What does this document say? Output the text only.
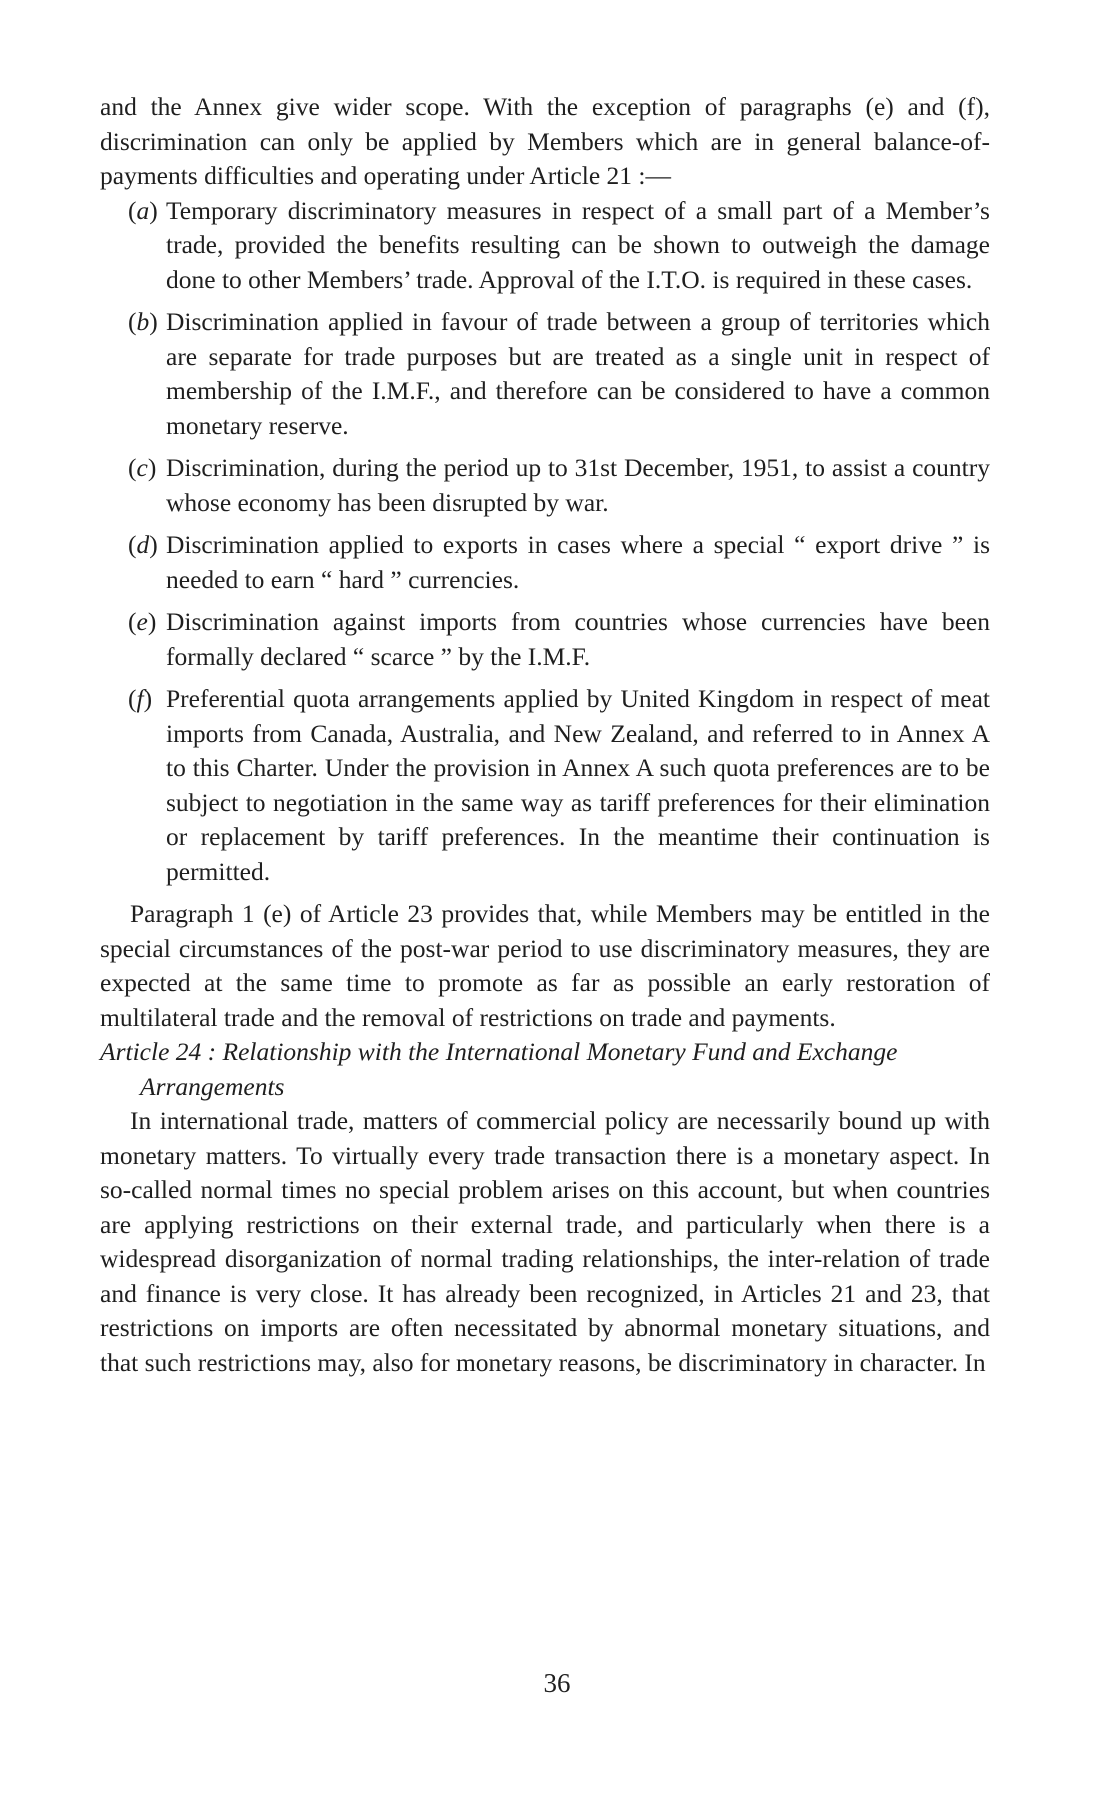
and the Annex give wider scope. With the exception of paragraphs (e) and (f), discrimination can only be applied by Members which are in general balance-of-payments difficulties and operating under Article 21 :—

(a) Temporary discriminatory measures in respect of a small part of a Member’s trade, provided the benefits resulting can be shown to outweigh the damage done to other Members’ trade. Approval of the I.T.O. is required in these cases.
(b) Discrimination applied in favour of trade between a group of territories which are separate for trade purposes but are treated as a single unit in respect of membership of the I.M.F., and therefore can be considered to have a common monetary reserve.
(c) Discrimination, during the period up to 31st December, 1951, to assist a country whose economy has been disrupted by war.
(d) Discrimination applied to exports in cases where a special “ export drive ” is needed to earn “ hard ” currencies.
(e) Discrimination against imports from countries whose currencies have been formally declared “ scarce ” by the I.M.F.
(f) Preferential quota arrangements applied by United Kingdom in respect of meat imports from Canada, Australia, and New Zealand, and referred to in Annex A to this Charter. Under the provision in Annex A such quota preferences are to be subject to negotiation in the same way as tariff preferences for their elimination or replacement by tariff preferences. In the meantime their continuation is permitted.

Paragraph 1 (e) of Article 23 provides that, while Members may be entitled in the special circumstances of the post-war period to use discriminatory measures, they are expected at the same time to promote as far as possible an early restoration of multilateral trade and the removal of restrictions on trade and payments.

Article 24 : Relationship with the International Monetary Fund and Exchange Arrangements

In international trade, matters of commercial policy are necessarily bound up with monetary matters. To virtually every trade transaction there is a monetary aspect. In so-called normal times no special problem arises on this account, but when countries are applying restrictions on their external trade, and particularly when there is a widespread disorganization of normal trading relationships, the inter-relation of trade and finance is very close. It has already been recognized, in Articles 21 and 23, that restrictions on imports are often necessitated by abnormal monetary situations, and that such restrictions may, also for monetary reasons, be discriminatory in character. In

36
